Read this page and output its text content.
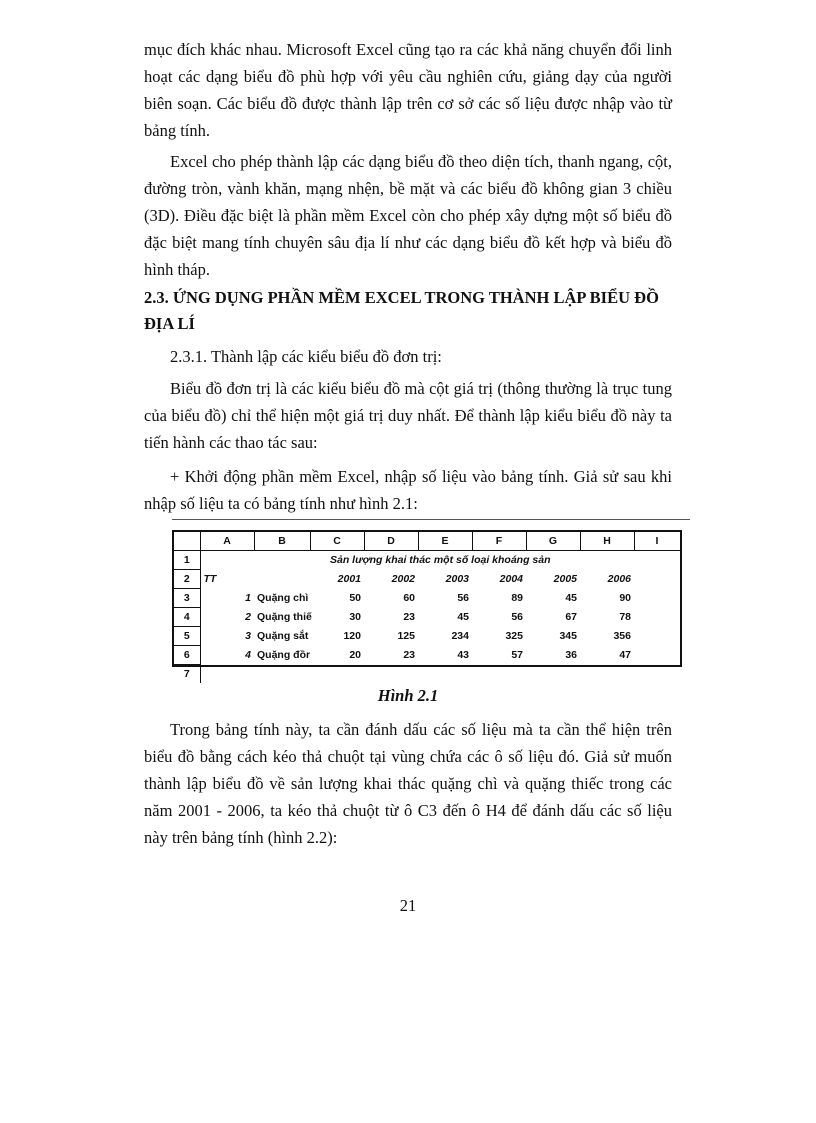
mục đích khác nhau. Microsoft Excel cũng tạo ra các khả năng chuyển đổi linh hoạt các dạng biểu đồ phù hợp với yêu cầu nghiên cứu, giảng dạy của người biên soạn. Các biểu đồ được thành lập trên cơ sở các số liệu được nhập vào từ bảng tính.

Excel cho phép thành lập các dạng biểu đồ theo diện tích, thanh ngang, cột, đường tròn, vành khăn, mạng nhện, bề mặt và các biểu đồ không gian 3 chiều (3D). Điều đặc biệt là phần mềm Excel còn cho phép xây dựng một số biểu đồ đặc biệt mang tính chuyên sâu địa lí như các dạng biểu đồ kết hợp và biểu đồ hình tháp.

2.3. ỨNG DỤNG PHẦN MỀM EXCEL TRONG THÀNH LẬP BIỂU ĐỒ ĐỊA LÍ

2.3.1. Thành lập các kiểu biểu đồ đơn trị:

Biểu đồ đơn trị là các kiểu biểu đồ mà cột giá trị (thông thường là trục tung của biểu đồ) chỉ thể hiện một giá trị duy nhất. Để thành lập kiểu biểu đồ này ta tiến hành các thao tác sau:

+ Khởi động phần mềm Excel, nhập số liệu vào bảng tính. Giả sử sau khi nhập số liệu ta có bảng tính như hình 2.1:

	A	B	C	D	E	F	G	H	I
1	Sản lượng khai thác một số loại khoáng sản								
2	TT		2001	2002	2003	2004	2005	2006	
3	1	Quặng chì	50	60	56	89	45	90	
4	2	Quặng thiế	30	23	45	56	67	78	
5	3	Quặng sắt	120	125	234	325	345	356	
6	4	Quặng đồr	20	23	43	57	36	47	
7									
Hình 2.1

Trong bảng tính này, ta cần đánh dấu các số liệu mà ta cần thể hiện trên biểu đồ bằng cách kéo thả chuột tại vùng chứa các ô số liệu đó. Giả sử muốn thành lập biểu đồ về sản lượng khai thác quặng chì và quặng thiếc trong các năm 2001 - 2006, ta kéo thả chuột từ ô C3 đến ô H4 để đánh dấu các số liệu này trên bảng tính (hình 2.2):

21
